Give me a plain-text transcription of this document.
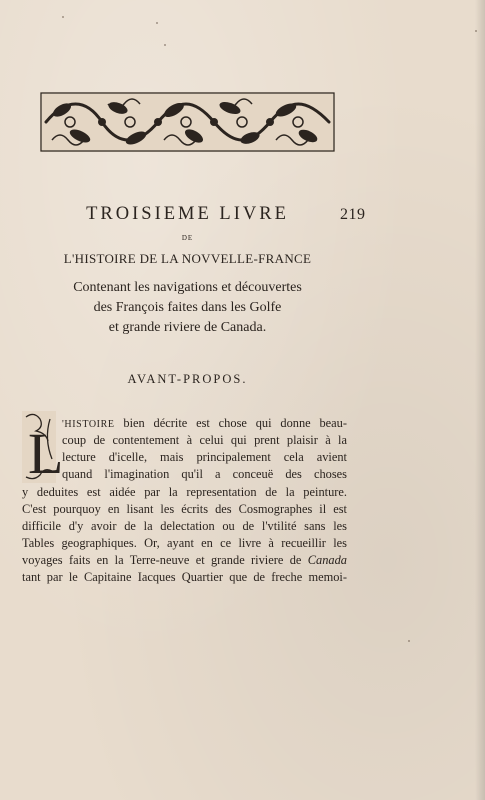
219
TROISIEME LIVRE
DE
L'HISTOIRE DE LA NOVVELLE-FRANCE
Contenant les navigations et découvertes
des François faites dans les Golfe
et grande riviere de Canada.
AVANT-PROPOS.
L
'HISTOIRE bien décrite est chose qui donne beau-
coup de contentement à celui qui prent plaisir à la
lecture d'icelle, mais principalement cela avient
quand l'imagination qu'il a conceuë des choses
y deduites est aidée par la representation de la peinture.
C'est pourquoy en lisant les écrits des Cosmographes il est
difficile d'y avoir de la delectation ou de l'vtilité sans les
Tables geographiques. Or, ayant en ce livre à recueillir les
voyages faits en la Terre-neuve et grande riviere de Canada
tant par le Capitaine Iacques Quartier que de freche memoi-
